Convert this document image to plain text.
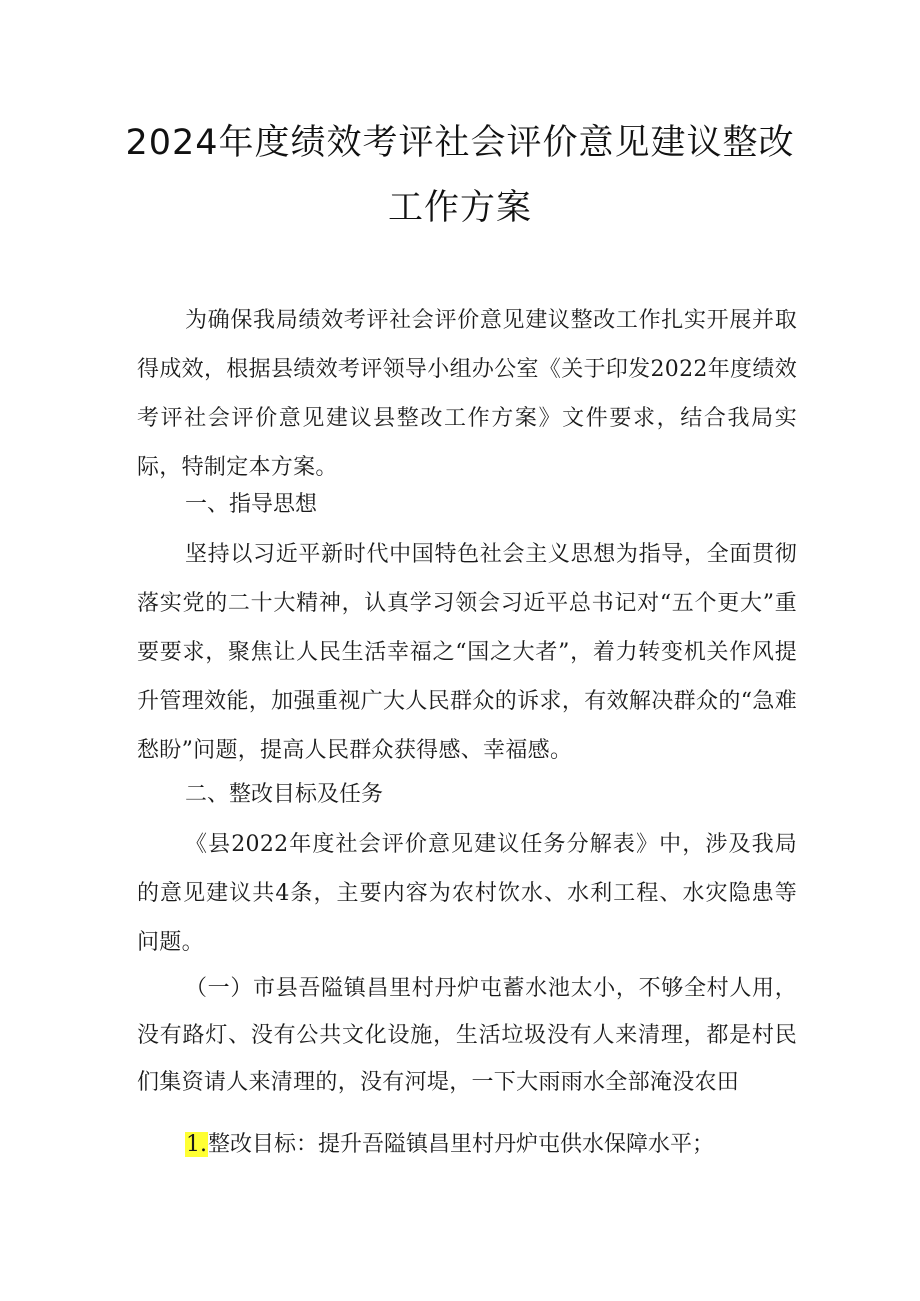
2024年度绩效考评社会评价意见建议整改
工作方案

为确保我局绩效考评社会评价意见建议整改工作扎实开展并取得成效，根据县绩效考评领导小组办公室《关于印发2022年度绩效考评社会评价意见建议县整改工作方案》文件要求，结合我局实际，特制定本方案。

一、指导思想

坚持以习近平新时代中国特色社会主义思想为指导，全面贯彻落实党的二十大精神，认真学习领会习近平总书记对“五个更大”重要要求，聚焦让人民生活幸福之“国之大者”，着力转变机关作风提升管理效能，加强重视广大人民群众的诉求，有效解决群众的“急难愁盼”问题，提高人民群众获得感、幸福感。

二、整改目标及任务

《县2022年度社会评价意见建议任务分解表》中，涉及我局的意见建议共4条，主要内容为农村饮水、水利工程、水灾隐患等问题。

（一）市县吾隘镇昌里村丹炉屯蓄水池太小，不够全村人用，没有路灯、没有公共文化设施，生活垃圾没有人来清理，都是村民们集资请人来清理的，没有河堤，一下大雨雨水全部淹没农田

1.整改目标：提升吾隘镇昌里村丹炉屯供水保障水平；
